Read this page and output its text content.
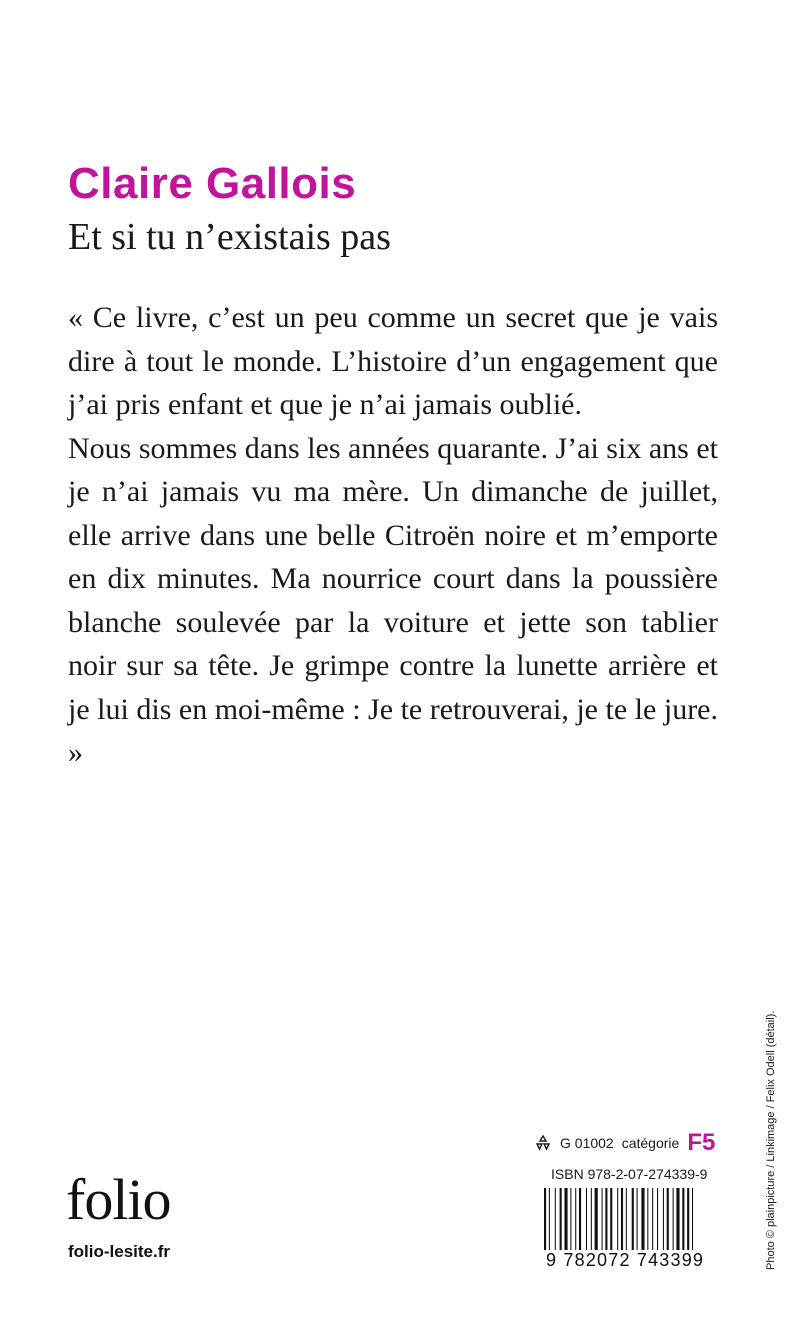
Claire Gallois
Et si tu n’existais pas

« Ce livre, c’est un peu comme un secret que je vais dire à tout le monde. L’histoire d’un engagement que j’ai pris enfant et que je n’ai jamais oublié.

Nous sommes dans les années quarante. J’ai six ans et je n’ai jamais vu ma mère. Un dimanche de juillet, elle arrive dans une belle Citroën noire et m’emporte en dix minutes. Ma nourrice court dans la poussière blanche soulevée par la voiture et jette son tablier noir sur sa tête. Je grimpe contre la lunette arrière et je lui dis en moi-même : Je te retrouverai, je te le jure. »

Photo © plainpicture / Linkimage / Felix Odell (détail).
G 01002 catégorie F5
ISBN 978-2-07-274339-9
folio
folio-lesite.fr	9 782072 743399
